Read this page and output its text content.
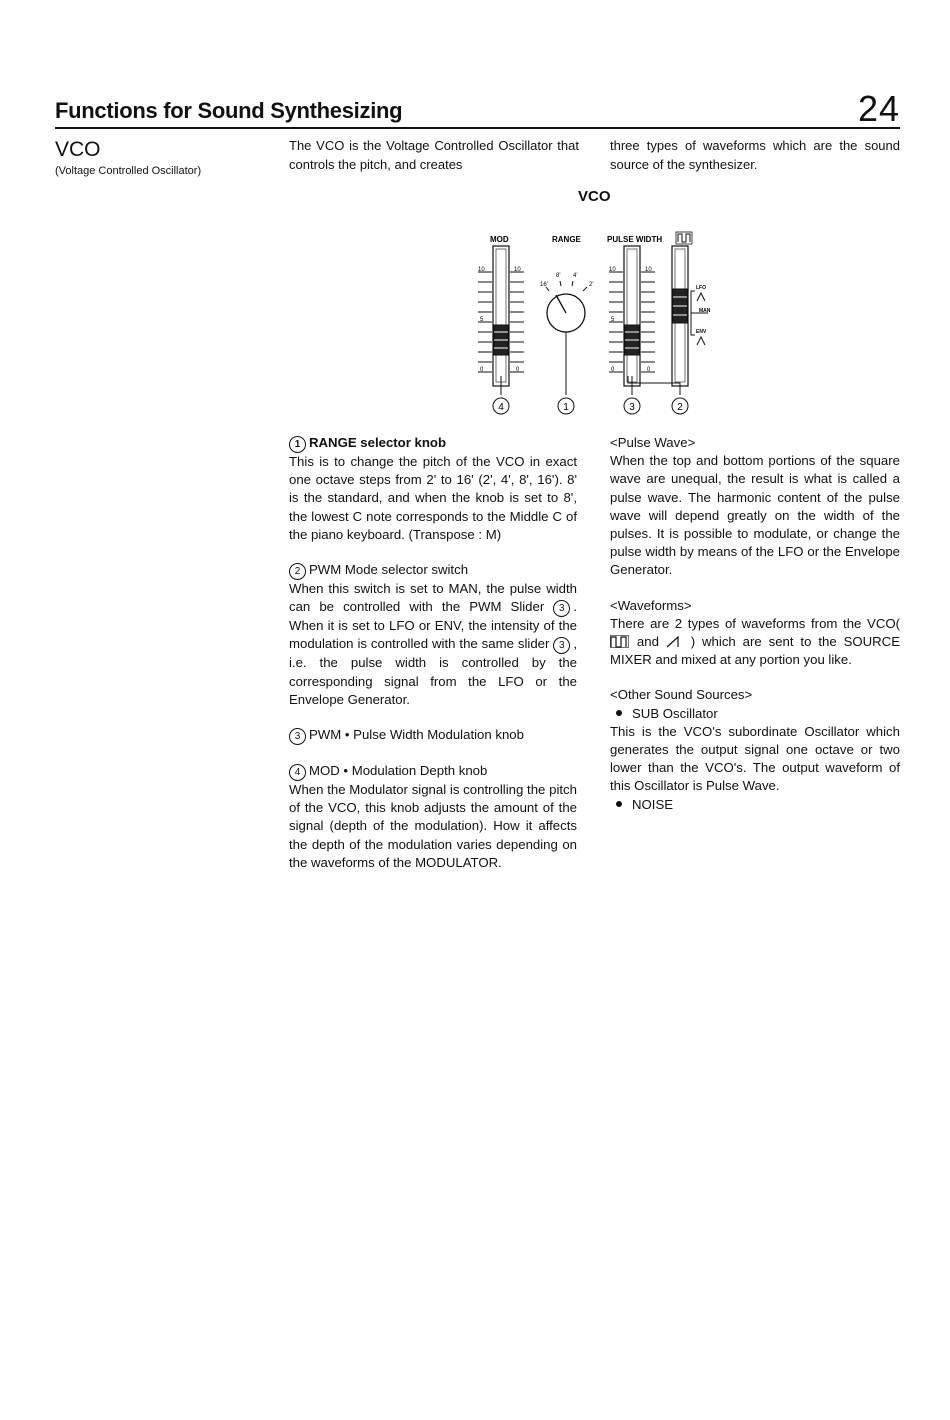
Functions for Sound Synthesizing	24
VCO
(Voltage Controlled Oscillator)
The VCO is the Voltage Controlled Oscillator that controls the pitch, and creates
three types of waveforms which are the sound source of the synthesizer.
VCO
MOD	RANGE	PULSE WIDTH
10	10
5
0	0
16'
8' 4'
2'
10	10
5
0	0
LFO
MAN
ENV
4	1	3	2
1 RANGE selector knob

This is to change the pitch of the VCO in exact one octave steps from 2' to 16' (2', 4', 8', 16'). 8' is the standard, and when the knob is set to 8', the lowest C note corresponds to the Middle C of the piano keyboard. (Transpose : M)

2 PWM Mode selector switch

When this switch is set to MAN, the pulse width can be controlled with the PWM Slider 3 . When it is set to LFO or ENV, the intensity of the modulation is controlled with the same slider 3 , i.e. the pulse width is controlled by the corresponding signal from the LFO or the Envelope Generator.

3 PWM • Pulse Width Modulation knob
4 MOD • Modulation Depth knob

When the Modulator signal is controlling the pitch of the VCO, this knob adjusts the amount of the signal (depth of the modulation). How it affects the depth of the modulation varies depending on the waveforms of the MODULATOR.

<Pulse Wave>

When the top and bottom portions of the square wave are unequal, the result is what is called a pulse wave. The harmonic content of the pulse wave will depend greatly on the width of the pulses. It is possible to modulate, or change the pulse width by means of the LFO or the Envelope Generator.

<Waveforms>

There are 2 types of waveforms from the VCO(  and ) which are sent to the SOURCE MIXER and mixed at any portion you like.

<Other Sound Sources>
SUB Oscillator

This is the VCO's subordinate Oscillator which generates the output signal one octave or two lower than the VCO's. The output waveform of this Oscillator is Pulse Wave.

NOISE
